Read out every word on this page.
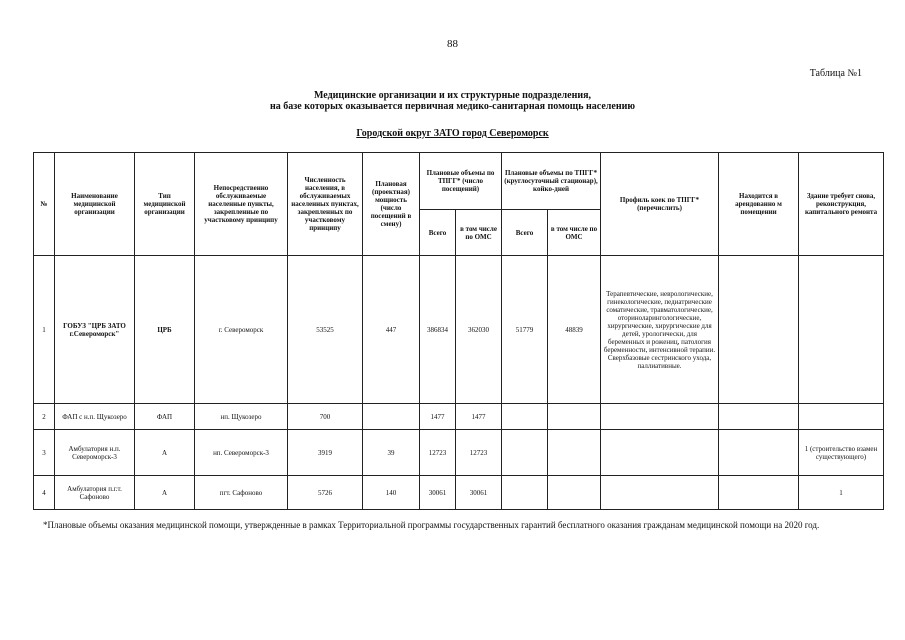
88
Таблица №1
Медицинские организации и их структурные подразделения,
на базе которых оказывается первичная медико-санитарная помощь населению
Городской округ ЗАТО город Североморск
№	Наименование медицинской организации	Тип медицинской организации	Непосредственно обслуживаемые населенные пункты, закрепленные по участковому принципу	Численность населения, в обслуживаемых населенных пунктах, закрепленных по участковому принципу	Плановая (проектная) мощность (число посещений в смену)	Плановые объемы по ТПГГ* (число посещений)		Плановые объемы по ТПГГ* (круглосуточный стационар), койко-дней		Профиль коек по ТПГГ* (перечислить)	Находится в арендованно м помещении	Здание требует снова, реконструкция, капитального ремонта
						Всего	в том числе по ОМС	Всего	в том числе по ОМС			
1	ГОБУЗ "ЦРБ ЗАТО г.Североморск"	ЦРБ	г. Североморск	53525	447	386834	362030	51779	48839	Терапевтические, неврологические, гинекологические, педиатрические соматические, травматологические, оториноларингологические, хирургические, хирургические для детей, урологически, для беременных и рожениц, патология беременности, интенсивной терапии. Сверхбазовые сестринского ухода, паллиативные.		
2	ФАП с н.п. Щукозеро	ФАП	нп. Щукозеро	700		1477	1477					
3	Амбулатория н.п. Североморск-3	А	нп. Североморск-3	3919	39	12723	12723					1 (строительство взамен существующего)
4	Амбулатория п.г.т. Сафоново	А	пгт. Сафоново	5726	140	30061	30061					1
*Плановые объемы оказания медицинской помощи, утвержденные в рамках Территориальной программы государственных гарантий бесплатного оказания гражданам медицинской помощи на 2020 год.
